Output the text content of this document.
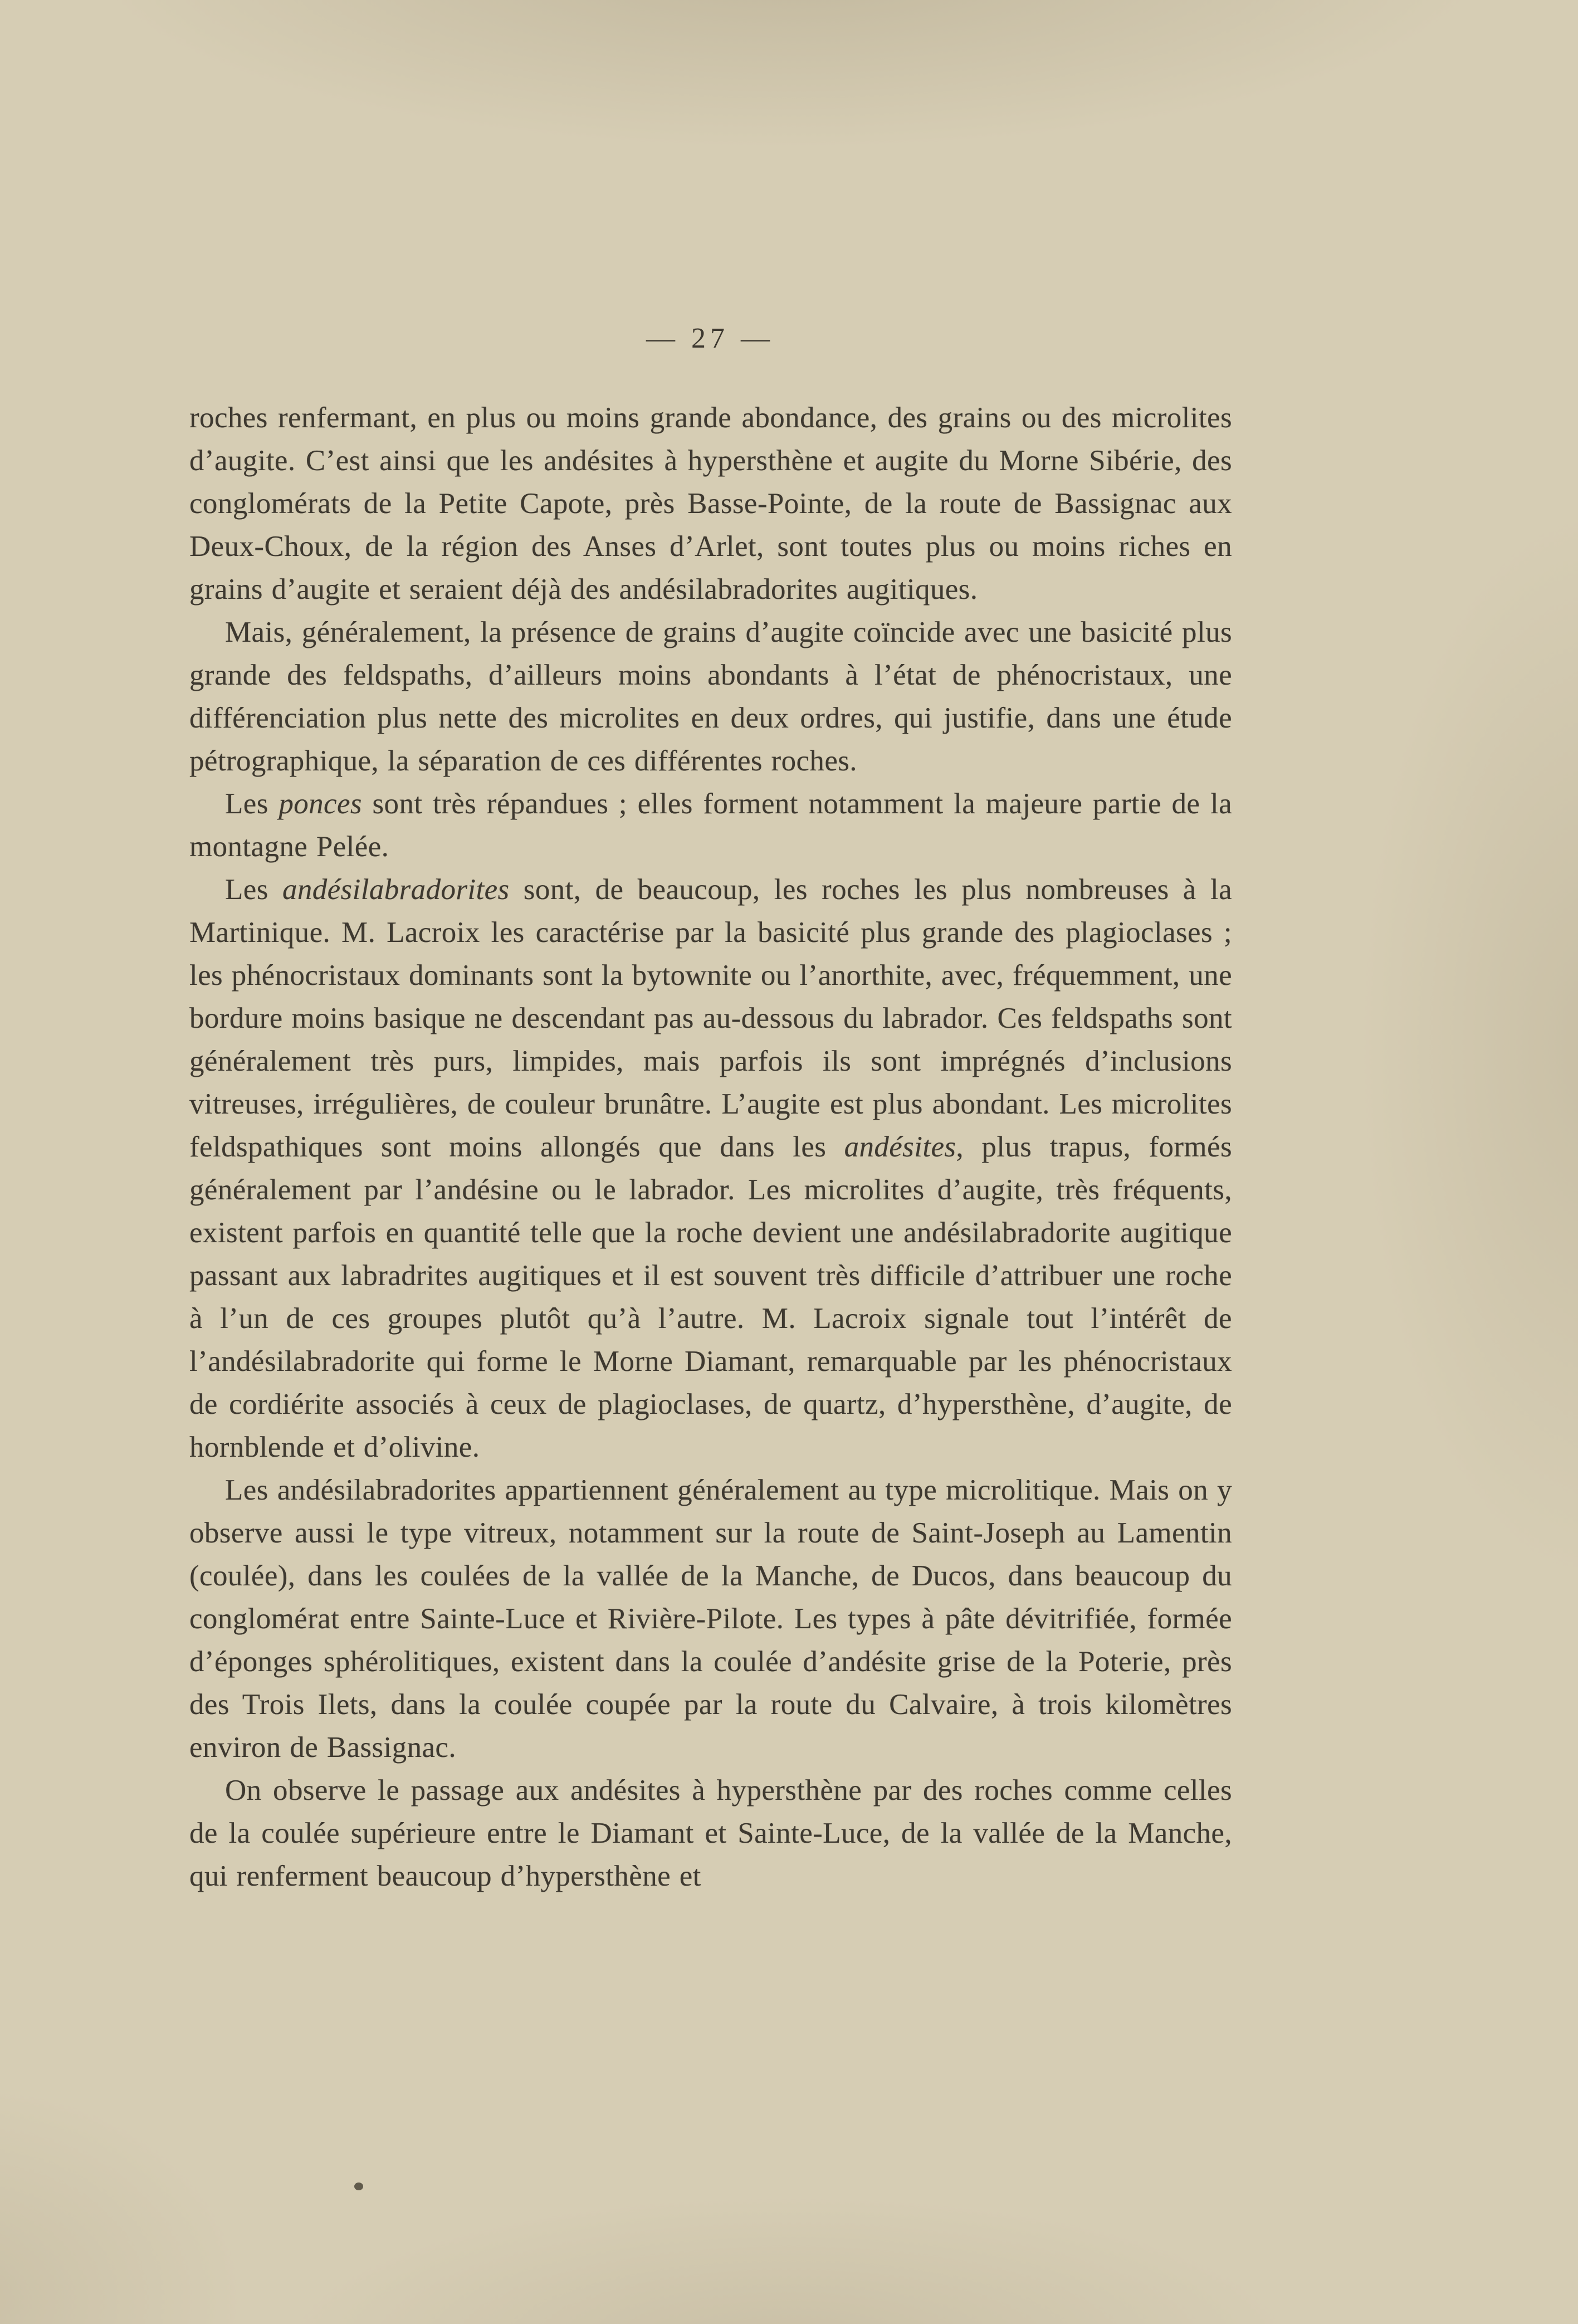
— 27 —

roches renfermant, en plus ou moins grande abondance, des grains ou des microlites d’augite. C’est ainsi que les andésites à hypersthène et augite du Morne Sibérie, des conglomérats de la Petite Capote, près Basse-Pointe, de la route de Bassignac aux Deux-Choux, de la région des Anses d’Arlet, sont toutes plus ou moins riches en grains d’augite et seraient déjà des andésilabradorites augitiques.

Mais, généralement, la présence de grains d’augite coïncide avec une basicité plus grande des feldspaths, d’ailleurs moins abondants à l’état de phénocristaux, une différenciation plus nette des microlites en deux ordres, qui justifie, dans une étude pétrographique, la séparation de ces différentes roches.

Les ponces sont très répandues ; elles forment notamment la majeure partie de la montagne Pelée.

Les andésilabradorites sont, de beaucoup, les roches les plus nombreuses à la Martinique. M. Lacroix les caractérise par la basicité plus grande des plagioclases ; les phénocristaux dominants sont la bytownite ou l’anorthite, avec, fréquemment, une bordure moins basique ne descendant pas au-dessous du labrador. Ces feldspaths sont généralement très purs, limpides, mais parfois ils sont imprégnés d’inclusions vitreuses, irrégulières, de couleur brunâtre. L’augite est plus abondant. Les microlites feldspathiques sont moins allongés que dans les andésites, plus trapus, formés généralement par l’andésine ou le labrador. Les microlites d’augite, très fréquents, existent parfois en quantité telle que la roche devient une andésilabradorite augitique passant aux labradrites augitiques et il est souvent très difficile d’attribuer une roche à l’un de ces groupes plutôt qu’à l’autre. M. Lacroix signale tout l’intérêt de l’andésilabradorite qui forme le Morne Diamant, remarquable par les phénocristaux de cordiérite associés à ceux de plagioclases, de quartz, d’hypersthène, d’augite, de hornblende et d’olivine.

Les andésilabradorites appartiennent généralement au type microlitique. Mais on y observe aussi le type vitreux, notamment sur la route de Saint-Joseph au Lamentin (coulée), dans les coulées de la vallée de la Manche, de Ducos, dans beaucoup du conglomérat entre Sainte-Luce et Rivière-Pilote. Les types à pâte dévitrifiée, formée d’éponges sphérolitiques, existent dans la coulée d’andésite grise de la Poterie, près des Trois Ilets, dans la coulée coupée par la route du Calvaire, à trois kilomètres environ de Bassignac.

On observe le passage aux andésites à hypersthène par des roches comme celles de la coulée supérieure entre le Diamant et Sainte-Luce, de la vallée de la Manche, qui renferment beaucoup d’hypersthène et
